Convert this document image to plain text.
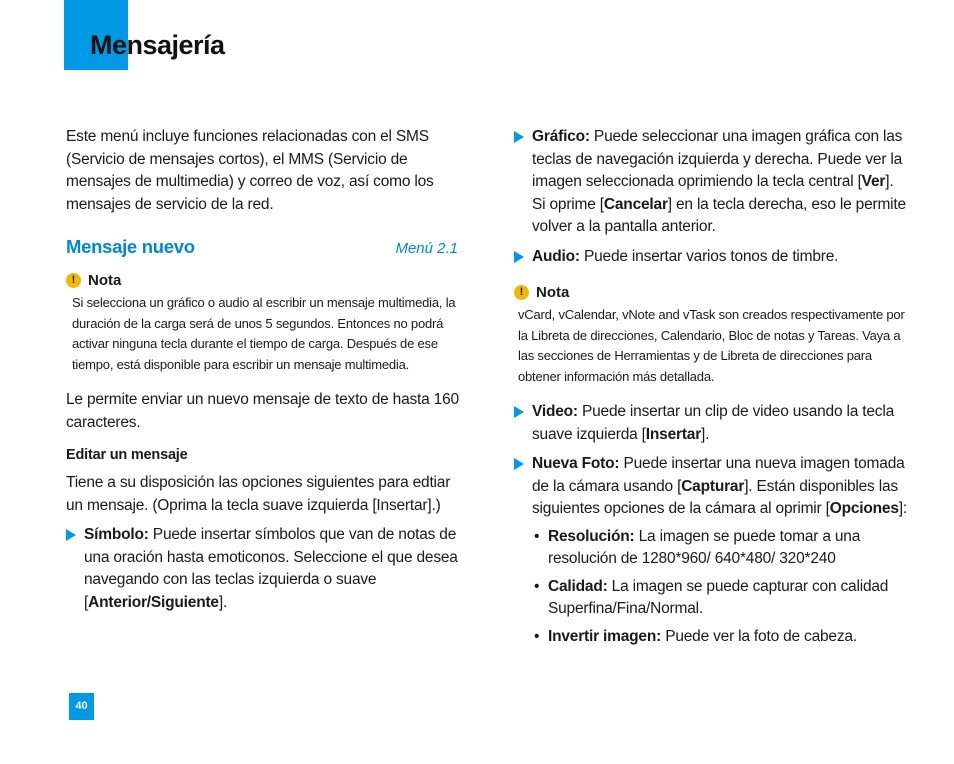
Mensajería

Este menú incluye funciones relacionadas con el SMS (Servicio de mensajes cortos), el MMS (Servicio de mensajes de multimedia) y correo de voz, así como los mensajes de servicio de la red.

Mensaje nuevo	Menú 2.1
! Nota

Si selecciona un gráfico o audio al escribir un mensaje multimedia, la duración de la carga será de unos 5 segundos. Entonces no podrá activar ninguna tecla durante el tiempo de carga. Después de ese tiempo, está disponible para escribir un mensaje multimedia.

Le permite enviar un nuevo mensaje de texto de hasta 160 caracteres.

Editar un mensaje

Tiene a su disposición las opciones siguientes para edtiar un mensaje. (Oprima la tecla suave izquierda [Insertar].)

Símbolo: Puede insertar símbolos que van de notas de una oración hasta emoticonos. Seleccione el que desea navegando con las teclas izquierda o suave [Anterior/Siguiente].

Gráfico: Puede seleccionar una imagen gráfica con las teclas de navegación izquierda y derecha. Puede ver la imagen seleccionada oprimiendo la tecla central [Ver]. Si oprime [Cancelar] en la tecla derecha, eso le permite volver a la pantalla anterior.

Audio: Puede insertar varios tonos de timbre.

! Nota

vCard, vCalendar, vNote and vTask son creados respectivamente por la Libreta de direcciones, Calendario, Bloc de notas y Tareas. Vaya a las secciones de Herramientas y de Libreta de direcciones para obtener información más detallada.

Video: Puede insertar un clip de video usando la tecla suave izquierda [Insertar].

Nueva Foto: Puede insertar una nueva imagen tomada de la cámara usando [Capturar]. Están disponibles las siguientes opciones de la cámara al oprimir [Opciones]:

• Resolución: La imagen se puede tomar a una resolución de 1280*960/ 640*480/ 320*240

• Calidad: La imagen se puede capturar con calidad Superfina/Fina/Normal.

• Invertir imagen: Puede ver la foto de cabeza.

40
